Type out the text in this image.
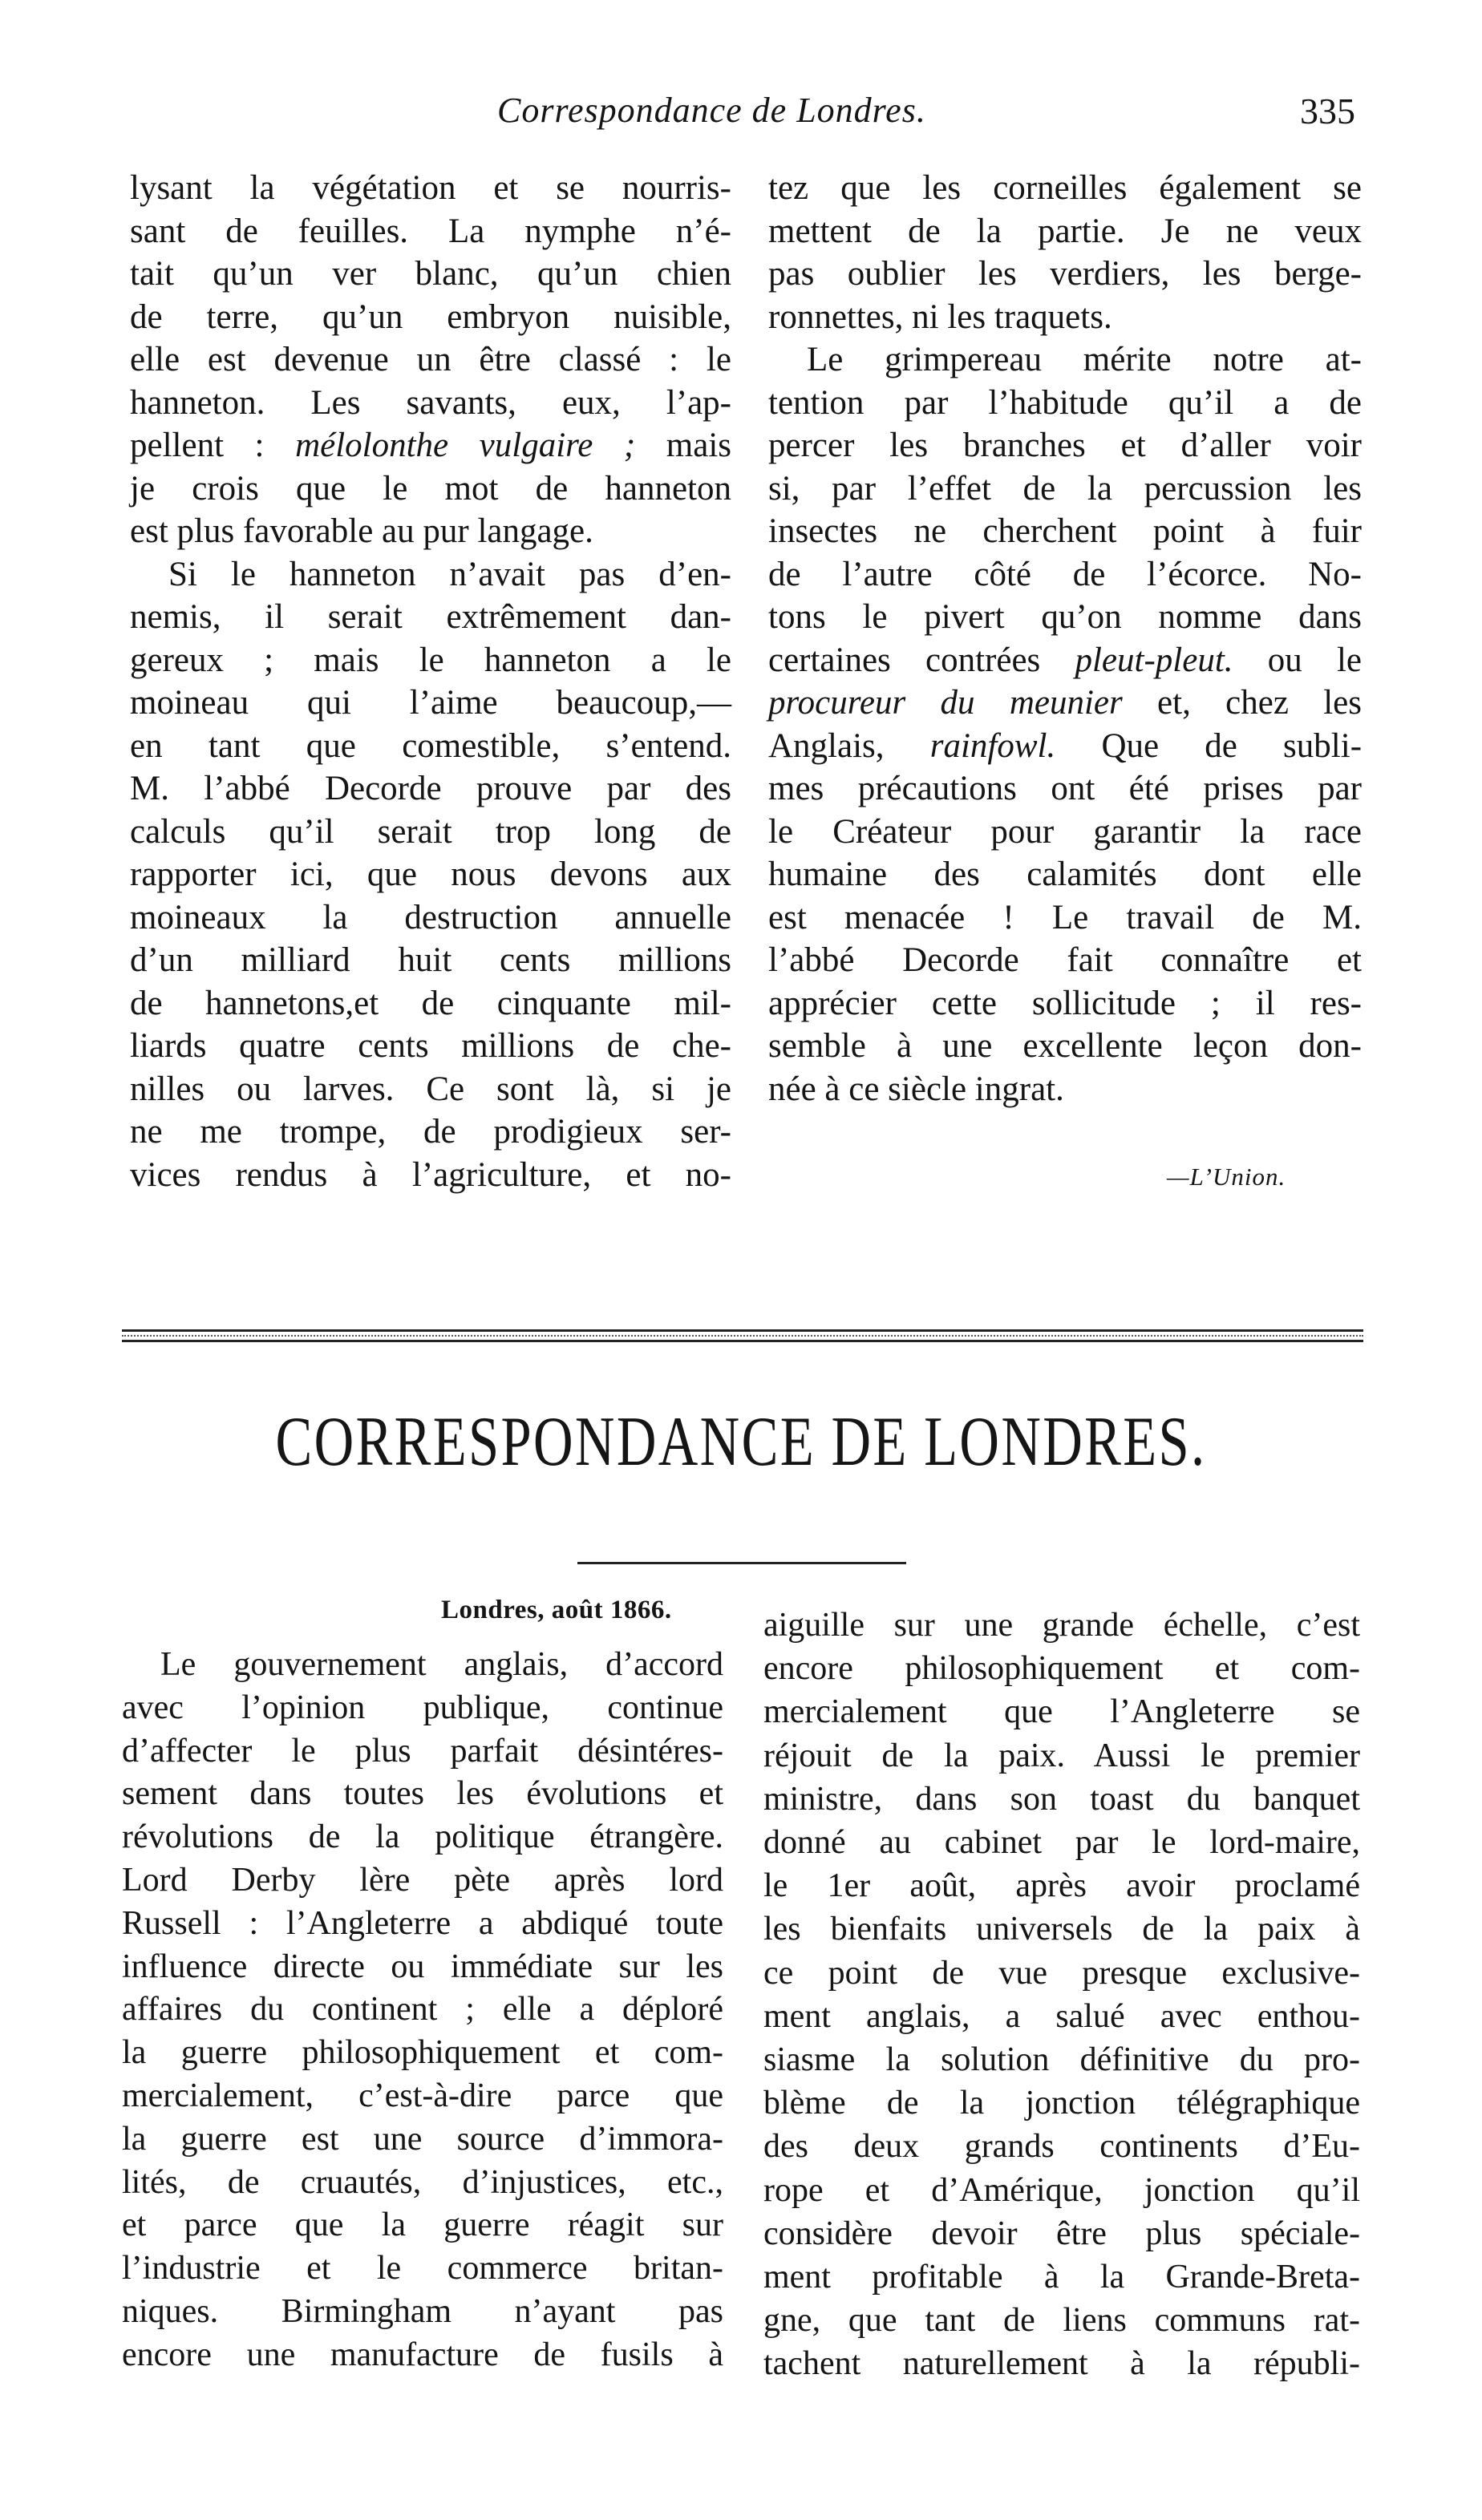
Correspondance de Londres.	335
lysant la végétation et se nourris-
sant de feuilles. La nymphe n’é-
tait qu’un ver blanc, qu’un chien
de terre, qu’un embryon nuisible,
elle est devenue un être classé : le
hanneton. Les savants, eux, l’ap-
pellent : mélolonthe vulgaire ; mais
je crois que le mot de hanneton
est plus favorable au pur langage.
Si le hanneton n’avait pas d’en-
nemis, il serait extrêmement dan-
gereux ; mais le hanneton a le
moineau qui l’aime beaucoup,—
en tant que comestible, s’entend.
M. l’abbé Decorde prouve par des
calculs qu’il serait trop long de
rapporter ici, que nous devons aux
moineaux la destruction annuelle
d’un milliard huit cents millions
de hannetons,et de cinquante mil-
liards quatre cents millions de che-
nilles ou larves. Ce sont là, si je
ne me trompe, de prodigieux ser-
vices rendus à l’agriculture, et no-
tez que les corneilles également se
mettent de la partie. Je ne veux
pas oublier les verdiers, les berge-
ronnettes, ni les traquets.
Le grimpereau mérite notre at-
tention par l’habitude qu’il a de
percer les branches et d’aller voir
si, par l’effet de la percussion les
insectes ne cherchent point à fuir
de l’autre côté de l’écorce. No-
tons le pivert qu’on nomme dans
certaines contrées pleut-pleut. ou le
procureur du meunier et, chez les
Anglais, rainfowl. Que de subli-
mes précautions ont été prises par
le Créateur pour garantir la race
humaine des calamités dont elle
est menacée ! Le travail de M.
l’abbé Decorde fait connaître et
apprécier cette sollicitude ; il res-
semble à une excellente leçon don-
née à ce siècle ingrat.
—L’Union.
CORRESPONDANCE DE LONDRES.
Londres, août 1866.
Le gouvernement anglais, d’accord
avec l’opinion publique, continue
d’affecter le plus parfait désintéres-
sement dans toutes les évolutions et
révolutions de la politique étrangère.
Lord Derby lère pète après lord
Russell : l’Angleterre a abdiqué toute
influence directe ou immédiate sur les
affaires du continent ; elle a déploré
la guerre philosophiquement et com-
mercialement, c’est-à-dire parce que
la guerre est une source d’immora-
lités, de cruautés, d’injustices, etc.,
et parce que la guerre réagit sur
l’industrie et le commerce britan-
niques. Birmingham n’ayant pas
encore une manufacture de fusils à
aiguille sur une grande échelle, c’est
encore philosophiquement et com-
mercialement que l’Angleterre se
réjouit de la paix. Aussi le premier
ministre, dans son toast du banquet
donné au cabinet par le lord-maire,
le 1er août, après avoir proclamé
les bienfaits universels de la paix à
ce point de vue presque exclusive-
ment anglais, a salué avec enthou-
siasme la solution définitive du pro-
blème de la jonction télégraphique
des deux grands continents d’Eu-
rope et d’Amérique, jonction qu’il
considère devoir être plus spéciale-
ment profitable à la Grande-Breta-
gne, que tant de liens communs rat-
tachent naturellement à la républi-
